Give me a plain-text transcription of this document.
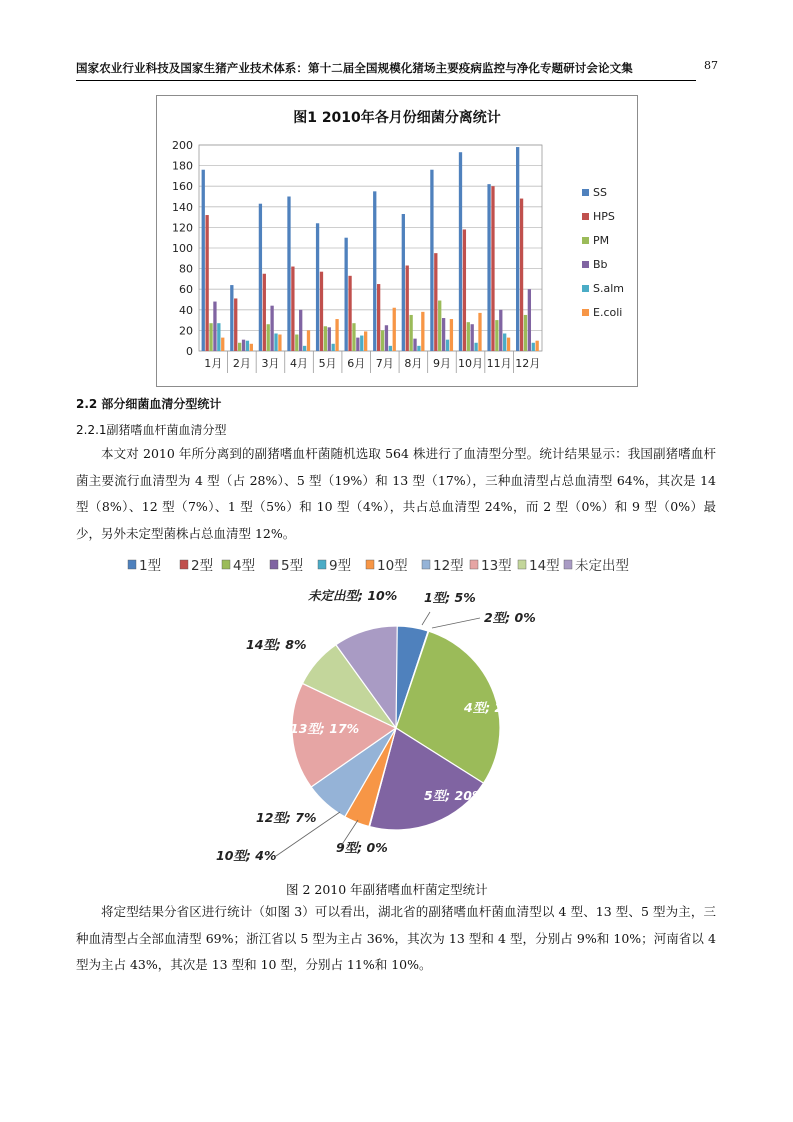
国家农业行业科技及国家生猪产业技术体系：第十二届全国规模化猪场主要疫病监控与净化专题研讨会论文集	87
图1 2010年各月份细菌分离统计
0
20
40
60
80
100
120
140
160
180
200
1月 2月 3月 4月 5月 6月 7月 8月 9月 10月 11月 12月
SS
HPS
PM
Bb
S.alm
E.coli
2.2 部分细菌血清分型统计
2.2.1副猪嗜血杆菌血清分型
本文对 2010 年所分离到的副猪嗜血杆菌随机选取 564 株进行了血清型分型。统计结果显示：我国副猪嗜血杆菌主要流行血清型为 4 型（占 28%）、5 型（19%）和 13 型（17%），三种血清型占总血清型 64%，其次是 14 型（8%）、12 型（7%）、1 型（5%）和 10 型（4%），共占总血清型 24%，而 2 型（0%）和 9 型（0%）最少，另外未定型菌株占总血清型 12%。
1型 2型 4型 5型 9型 10型 12型 13型 14型 未定出型
1型; 5%
2型; 0%
4型; 29%
5型; 20%
9型; 0%
10型; 4%
12型; 7%
13型; 17%
14型; 8%
未定出型; 10%
图 2 2010 年副猪嗜血杆菌定型统计
将定型结果分省区进行统计（如图 3）可以看出，湖北省的副猪嗜血杆菌血清型以 4 型、13 型、5 型为主，三种血清型占全部血清型 69%；浙江省以 5 型为主占 36%，其次为 13 型和 4 型，分别占 9%和 10%；河南省以 4 型为主占 43%，其次是 13 型和 10 型，分别占 11%和 10%。
